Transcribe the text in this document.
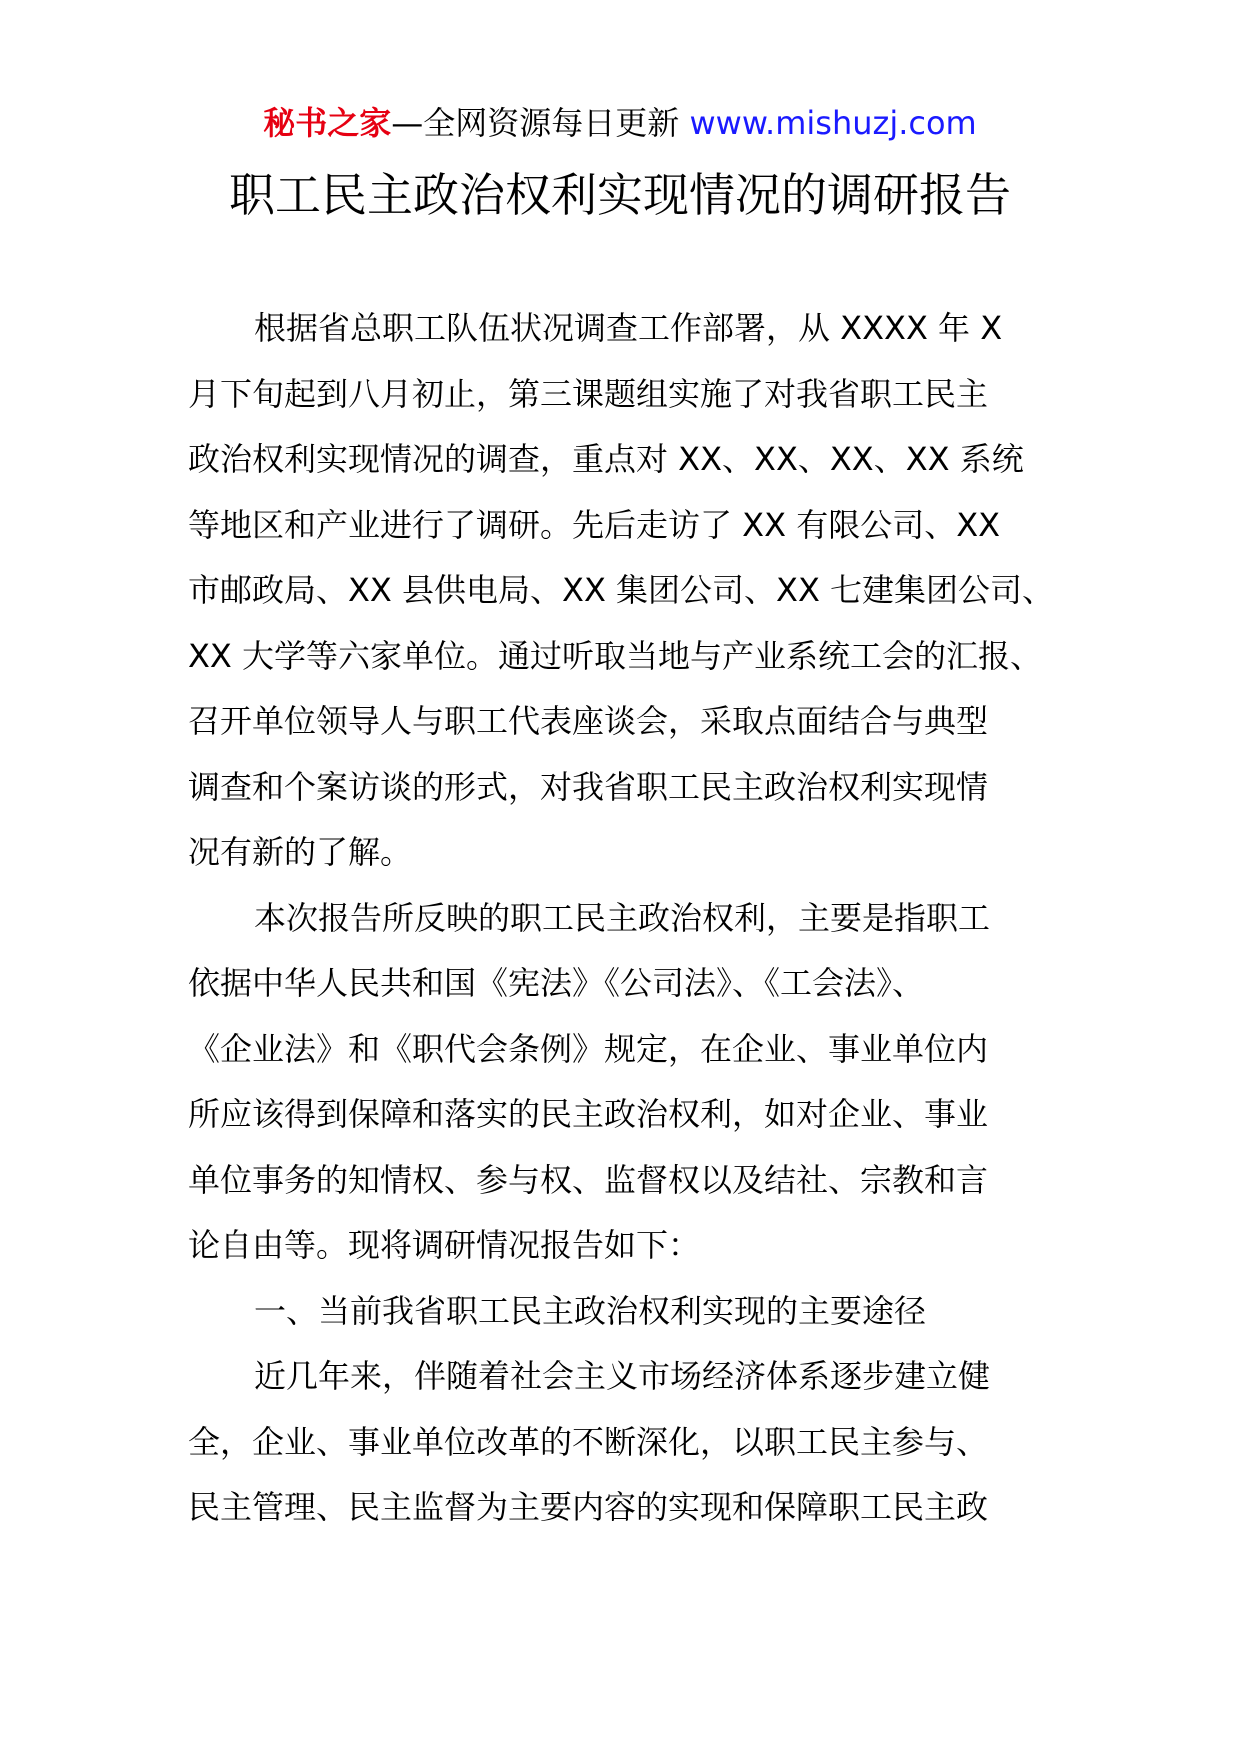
秘书之家—全网资源每日更新 www.mishuzj.com
职工民主政治权利实现情况的调研报告
根据省总职工队伍状况调查工作部署，从 XXXX 年 X
月下旬起到八月初止，第三课题组实施了对我省职工民主
政治权利实现情况的调查，重点对 XX、XX、XX、XX 系统
等地区和产业进行了调研。先后走访了 XX 有限公司、XX
市邮政局、XX 县供电局、XX 集团公司、XX 七建集团公司、
XX 大学等六家单位。通过听取当地与产业系统工会的汇报、
召开单位领导人与职工代表座谈会，采取点面结合与典型
调查和个案访谈的形式，对我省职工民主政治权利实现情
况有新的了解。
本次报告所反映的职工民主政治权利，主要是指职工
依据中华人民共和国《宪法》《公司法》、《工会法》、
《企业法》和《职代会条例》规定，在企业、事业单位内
所应该得到保障和落实的民主政治权利，如对企业、事业
单位事务的知情权、参与权、监督权以及结社、宗教和言
论自由等。现将调研情况报告如下：
一、当前我省职工民主政治权利实现的主要途径
近几年来，伴随着社会主义市场经济体系逐步建立健
全，企业、事业单位改革的不断深化，以职工民主参与、
民主管理、民主监督为主要内容的实现和保障职工民主政
